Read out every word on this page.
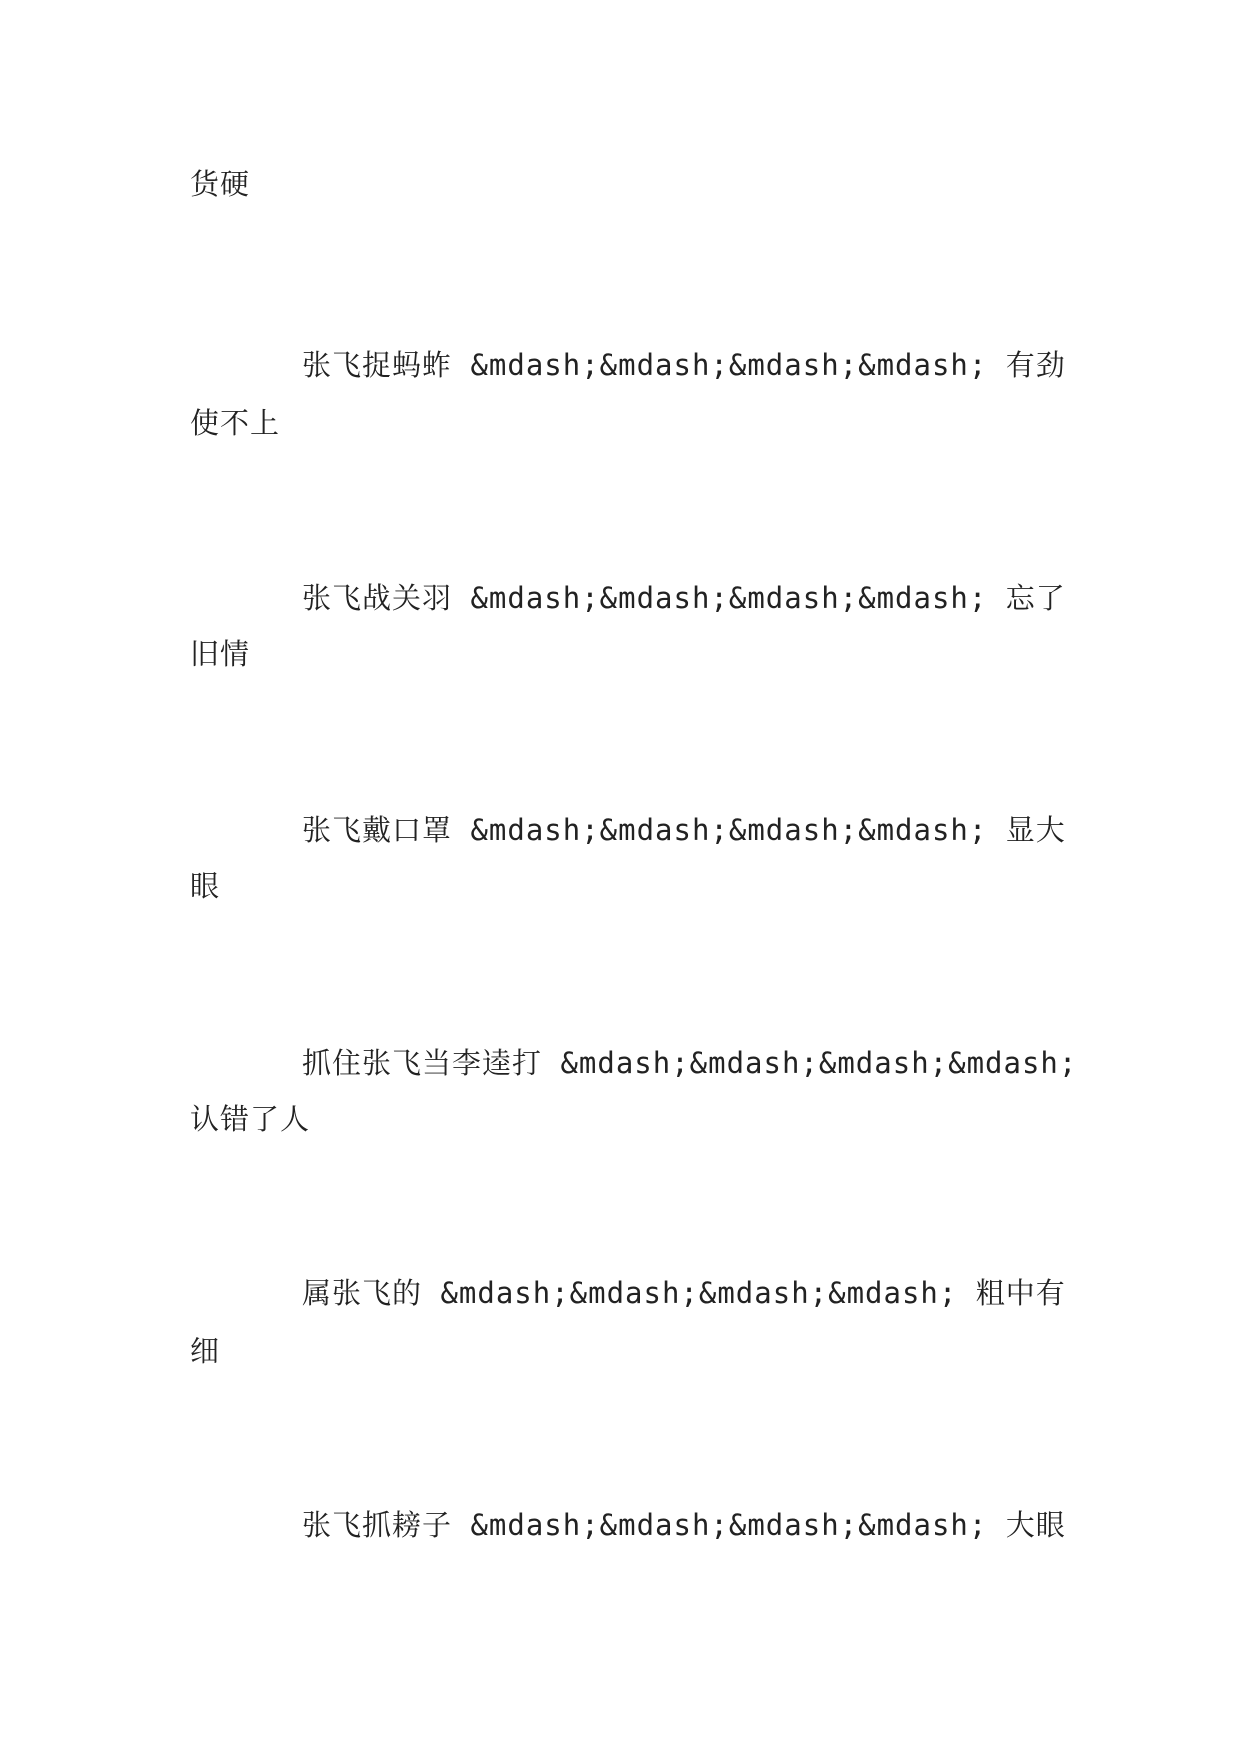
货硬
张飞捉蚂蚱 &mdash;&mdash;&mdash;&mdash; 有劲
使不上
张飞战关羽 &mdash;&mdash;&mdash;&mdash; 忘了
旧情
张飞戴口罩 &mdash;&mdash;&mdash;&mdash; 显大
眼
抓住张飞当李逵打 &mdash;&mdash;&mdash;&mdash;
认错了人
属张飞的 &mdash;&mdash;&mdash;&mdash; 粗中有
细
张飞抓耪子 &mdash;&mdash;&mdash;&mdash; 大眼
